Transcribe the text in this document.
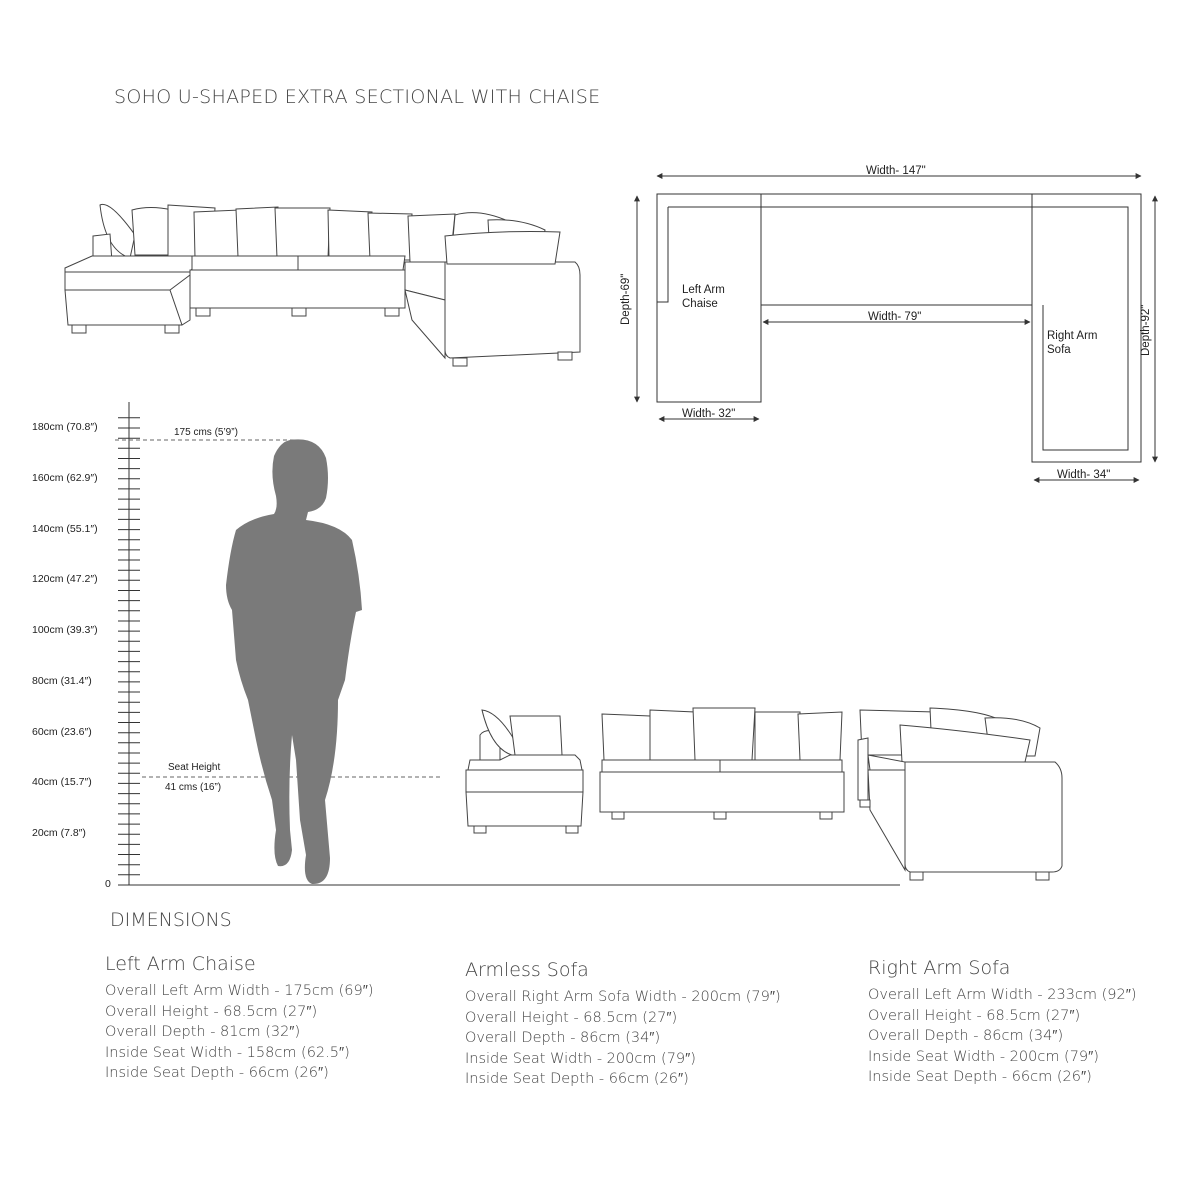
SOHO U-SHAPED EXTRA SECTIONAL WITH CHAISE
Width- 147"
Depth-69"
Depth-92"
Width- 79"
Width- 32"
Width- 34"
Left Arm
Chaise
Right Arm
Sofa
180cm (70.8″)
160cm (62.9″)
140cm (55.1″)
120cm (47.2″)
100cm (39.3″)
80cm (31.4″)
60cm (23.6″)
40cm (15.7″)
20cm (7.8″)
0
175 cms (5’9”)
Seat Height
41 cms (16”)
DIMENSIONS
Left Arm Chaise
Overall Left Arm Width - 175cm (69″)
Overall Height - 68.5cm (27″)
Overall Depth - 81cm (32″)
Inside Seat Width - 158cm (62.5″)
Inside Seat Depth - 66cm (26″)
Armless Sofa
Overall Right Arm Sofa Width - 200cm (79″)
Overall Height - 68.5cm (27″)
Overall Depth - 86cm (34″)
Inside Seat Width - 200cm (79″)
Inside Seat Depth - 66cm (26″)
Right Arm Sofa
Overall Left Arm Width - 233cm (92″)
Overall Height - 68.5cm (27″)
Overall Depth - 86cm (34″)
Inside Seat Width - 200cm (79″)
Inside Seat Depth - 66cm (26″)
